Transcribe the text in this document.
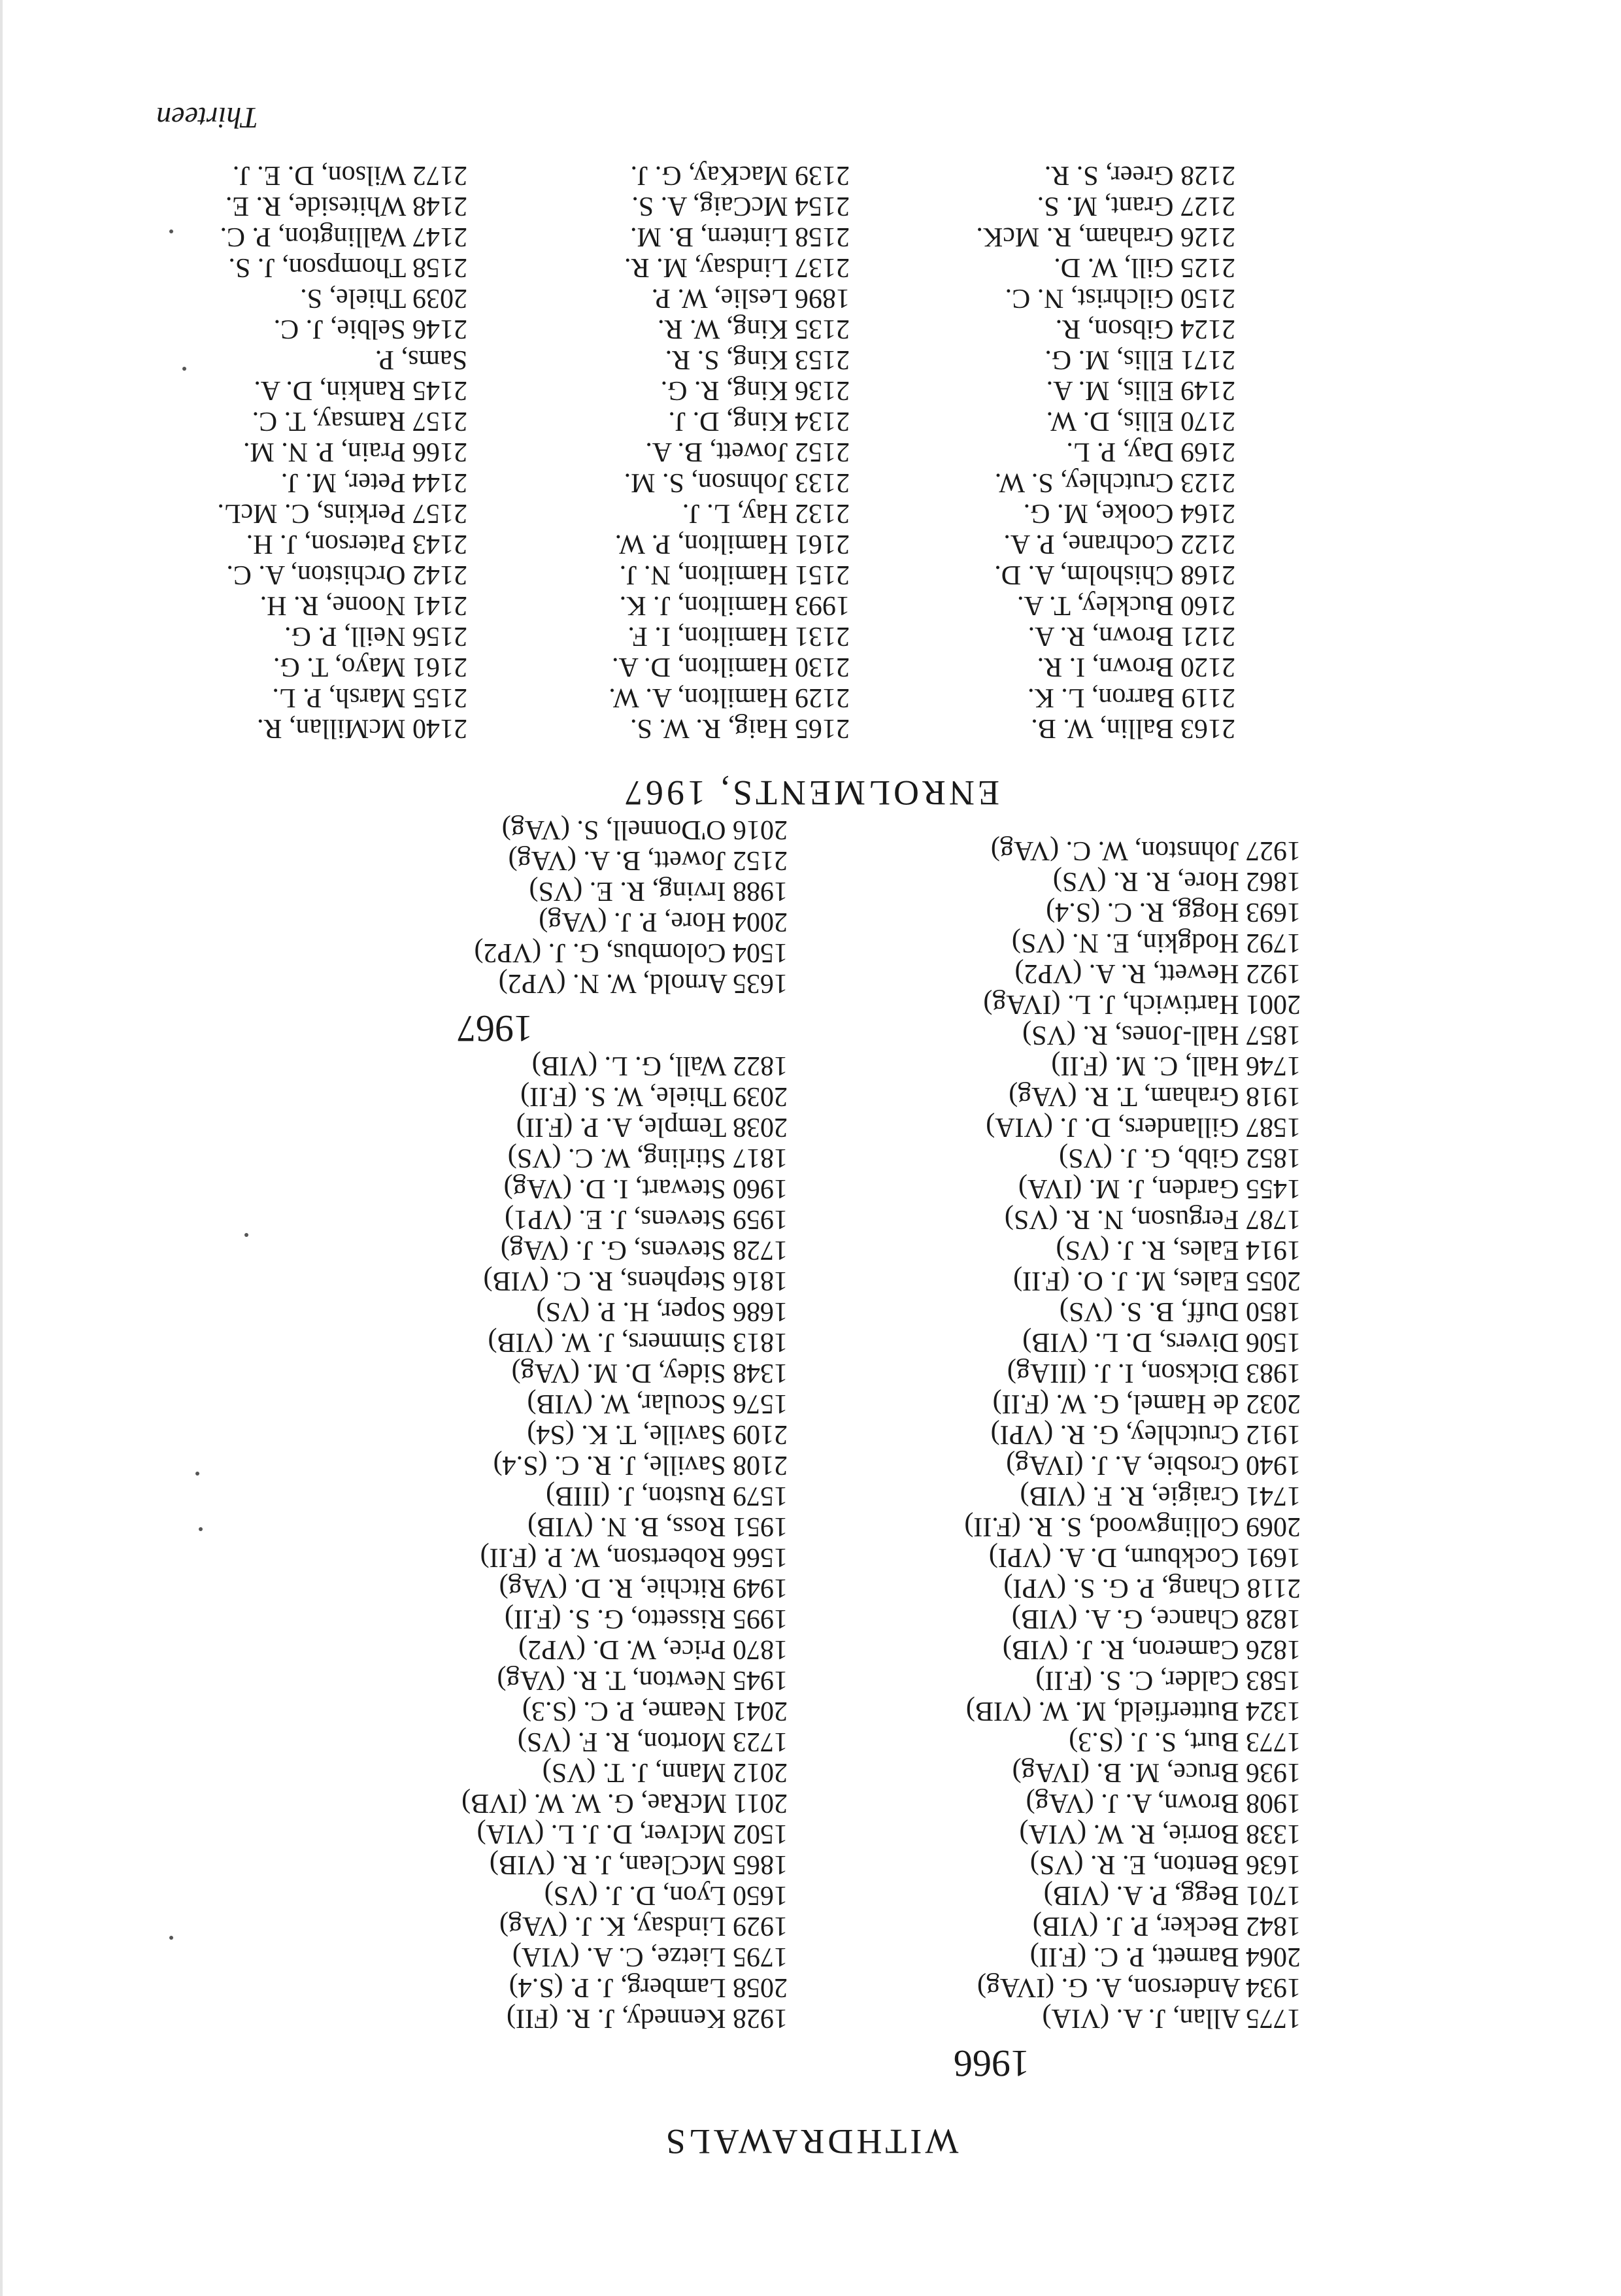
WITHDRAWALS
1966
1775 Allan, J. A. (VIA)
1934 Anderson, A. G. (IVAg)
2064 Barnett, P. C. (F.II)
1842 Becker, P. J. (VIB)
1701 Begg, P. A. (VIB)
1636 Benton, E. R. (VS)
1338 Borrie, R. W. (VIA)
1908 Brown, A. J. (VAg)
1936 Bruce, M. B. (IVAg)
1773 Burt, S. J. (S.3)
1324 Butterfield, M. W. (VIB)
1583 Calder, C. S. (F.II)
1826 Cameron, R. J. (VIB)
1828 Chance, G. A. (VIB)
2118 Chang, P. G. S. (VPI)
1691 Cockburn, D. A. (VPI)
2069 Collingwood, S. R. (F.II)
1741 Craigie, R. F. (VIB)
1940 Crosbie, A. J. (IVAg)
1912 Crutchley, G. R. (VPI)
2032 de Hamel, G. W. (F.II)
1983 Dickson, I. J. (IIIAg)
1506 Divers, D. L. (VIB)
1850 Duff, B. S. (VS)
2055 Eales, M. J. O. (F.II)
1914 Eales, R. J. (VS)
1787 Ferguson, N. R. (VS)
1455 Garden, J. M. (IVA)
1852 Gibb, G. J. (VS)
1587 Gillanders, D. J. (VIA)
1918 Graham, T. R. (VAg)
1746 Hall, C. M. (F.II)
1857 Hall-Jones, R. (VS)
2001 Hartiwich, J. L. (IVAg)
1922 Hewett, R. A. (VP2)
1792 Hodgkin, E. N. (VS)
1693 Hogg, R. C. (S.4)
1862 Hore, R. R. (VS)
1927 Johnston, W. C. (VAg)
1928 Kennedy, J. R. (FII)
2058 Lamberg, J. P. (S.4)
1795 Lietze, C. A. (VIA)
1929 Lindsay, K. J. (VAg)
1650 Lyon, D. J. (VS)
1865 McClean, J. R. (VIB)
1502 McIver, D. J. L. (VIA)
2011 McRae, G. W. W. (IVB)
2012 Mann, J. T. (VS)
1723 Morton, R. F. (VS)
2041 Neame, P. C. (S.3)
1945 Newton, T. R. (VAg)
1870 Price, W. D. (VP2)
1995 Rissetto, G. S. (F.II)
1949 Ritchie, R. D. (VAg)
1566 Robertson, W. P. (F.II)
1951 Ross, B. N. (VIB)
1579 Ruston, J. (IIIB)
2108 Saville, J. R. C. (S.4)
2109 Saville, T. K. (S4)
1576 Scoular, W. (VIB)
1348 Sidey, D. M. (VAg)
1813 Simmers, J. W. (VIB)
1686 Soper, H. P. (VS)
1816 Stephens, R. C. (VIB)
1728 Stevens, G. J. (VAg)
1959 Stevens, J. E. (VP1)
1960 Stewart, I. D. (VAg)
1817 Stirling, W. C. (VS)
2038 Temple, A. P. (F.II)
2039 Thiele, W. S. (F.II)
1822 Wall, G. L. (VIB)
1967
1635 Arnold, W. N. (VP2)
1504 Colombus, G. J. (VP2)
2004 Hore, P. J. (VAg)
1988 Irving, R. E. (VS)
2152 Jowett, B. A. (VAg)
2016 O'Donnell, S. (VAg)
ENROLMENTS, 1967
2163 Ballin, W. B.
2119 Barron, L. K.
2120 Brown, I. R.
2121 Brown, R. A.
2160 Buckley, T. A.
2168 Chisholm, A. D.
2122 Cochrane, P. A.
2164 Cooke, M. G.
2123 Crutchley, S. W.
2169 Day, P. L.
2170 Ellis, D. W.
2149 Ellis, M. A.
2171 Ellis, M. G.
2124 Gibson, R.
2150 Gilchrist, N. C.
2125 Gill, W. D.
2126 Graham, R. McK.
2127 Grant, M. S.
2128 Greer, S. R.
2165 Haig, R. W. S.
2129 Hamilton, A. W.
2130 Hamilton, D. A.
2131 Hamilton, I. F.
1993 Hamilton, J. K.
2151 Hamilton, N. J.
2161 Hamilton, P. W.
2132 Hay, L. J.
2133 Johnson, S. M.
2152 Jowett, B. A.
2134 King, D. J.
2136 King, R. G.
2153 King, S. R.
2135 King, W. R.
1896 Leslie, W. P.
2137 Lindsay, M. R.
2158 Lintern, B. M.
2154 McCaig, A. S.
2139 MacKay, G. J.
2140 McMillan, R.
2155 Marsh, P. L.
2161 Mayo, T. G.
2156 Neill, P. G.
2141 Noone, R. H.
2142 Orchiston, A. C.
2143 Paterson, J. H.
2157 Perkins, C. McL.
2144 Peter, M. J.
2166 Prain, P. N. M.
2157 Ramsay, T. C.
2145 Rankin, D. A.
Sams, P.
2146 Selbie, J. C.
2039 Thiele, S.
2158 Thompson, J. S.
2147 Wallington, P. C.
2148 Whiteside, R. E.
2172 Wilson, D. E. J.
Thirteen
